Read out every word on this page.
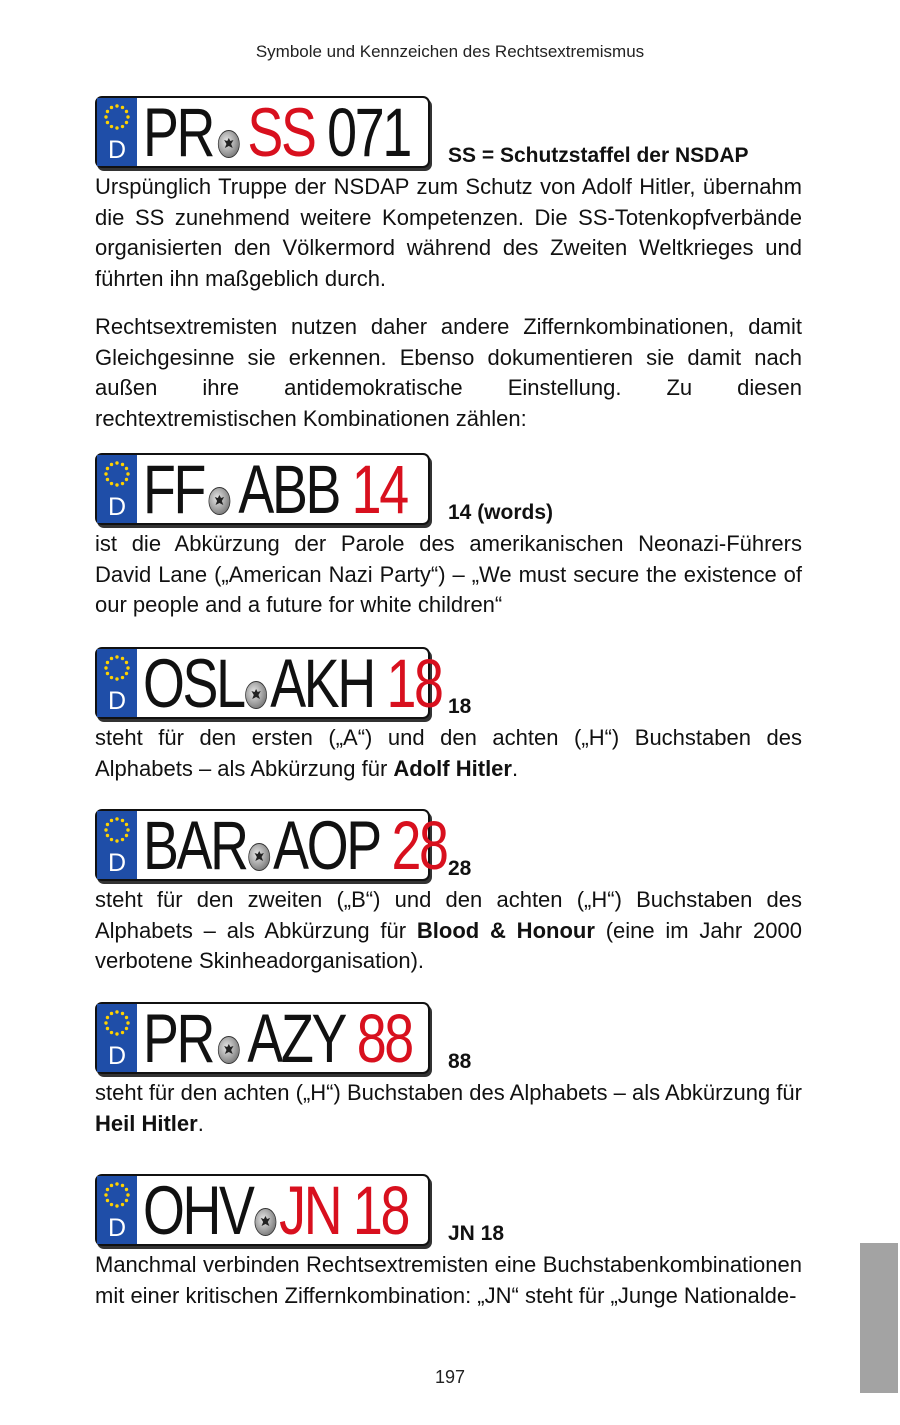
Symbole und Kennzeichen des Rechtsextremismus
D PR SS 071 SS = Schutzstaffel der NSDAP

Urspünglich Truppe der NSDAP zum Schutz von Adolf Hitler, übernahm die SS zunehmend weitere Kompetenzen. Die SS-Totenkopfverbände organisierten den Völkermord während des Zweiten Weltkrieges und führten ihn maßgeblich durch.

Rechtsextremisten nutzen daher andere Ziffernkombinationen, damit Gleichgesinne sie erkennen. Ebenso dokumentieren sie damit nach außen ihre antidemokratische Einstellung. Zu diesen rechtextremistischen Kombinationen zählen:

D FF ABB 14 14 (words)

ist die Abkürzung der Parole des amerikanischen Neonazi-Führers David Lane („American Nazi Party“) – „We must secure the existence of our people and a future for white children“

D OSL AKH 18 18

steht für den ersten („A“) und den achten („H“) Buchstaben des Alphabets – als Abkürzung für Adolf Hitler.

D BAR AOP 28 28

steht für den zweiten („B“) und den achten („H“) Buchstaben des Alphabets – als Abkürzung für Blood & Honour (eine im Jahr 2000 verbotene Skinheadorganisation).

D PR AZY 88 88

steht für den achten („H“) Buchstaben des Alphabets – als Abkürzung für Heil Hitler.

D OHV JN 18 JN 18

Manchmal verbinden Rechtsextremisten eine Buchstabenkombinationen mit einer kritischen Ziffernkombination: „JN“ steht für „Junge Nationalde-

197
